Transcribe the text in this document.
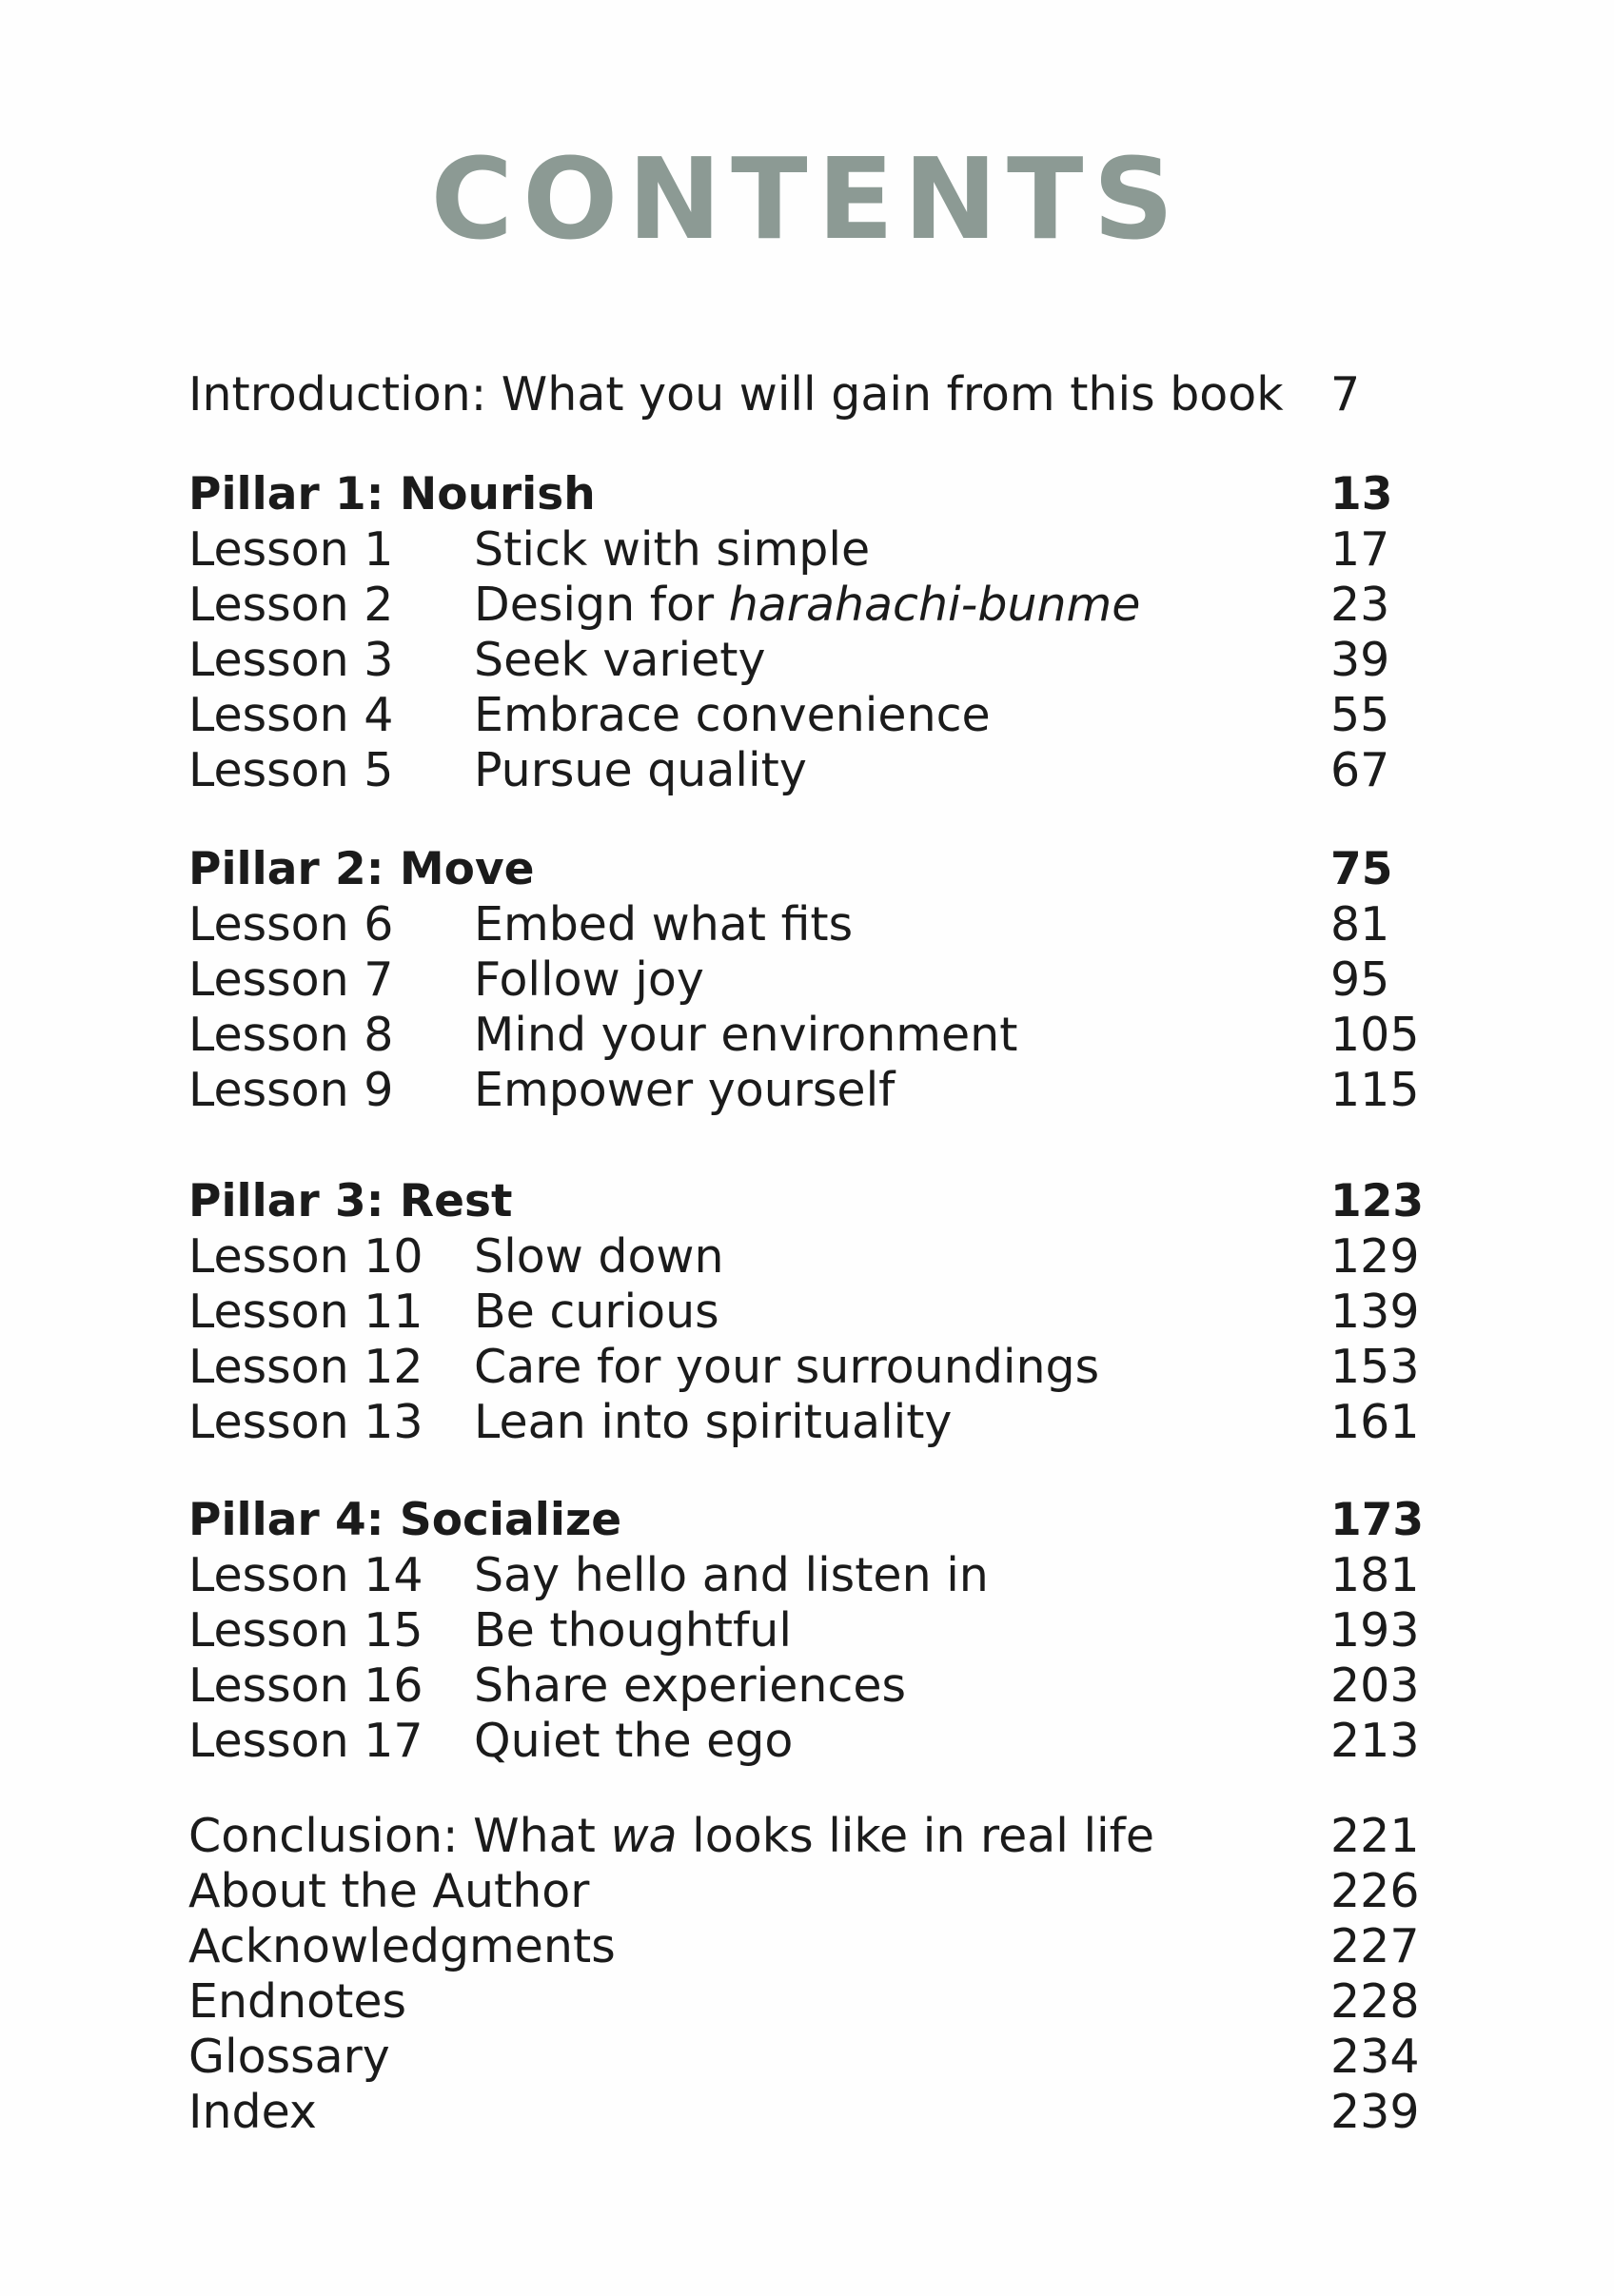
CONTENTS
Introduction: What you will gain from this book 7
Pillar 1: Nourish	13
Lesson 1 Stick with simple	17
Lesson 2 Design for harahachi-bunme	23
Lesson 3 Seek variety	39
Lesson 4 Embrace convenience	55
Lesson 5 Pursue quality	67
Pillar 2: Move	75
Lesson 6 Embed what fits	81
Lesson 7 Follow joy	95
Lesson 8 Mind your environment	105
Lesson 9 Empower yourself	115
Pillar 3: Rest	123
Lesson 10 Slow down	129
Lesson 11 Be curious	139
Lesson 12 Care for your surroundings	153
Lesson 13 Lean into spirituality	161
Pillar 4: Socialize	173
Lesson 14 Say hello and listen in	181
Lesson 15 Be thoughtful	193
Lesson 16 Share experiences	203
Lesson 17 Quiet the ego	213
Conclusion: What wa looks like in real life	221
About the Author	226
Acknowledgments	227
Endnotes	228
Glossary	234
Index	239
